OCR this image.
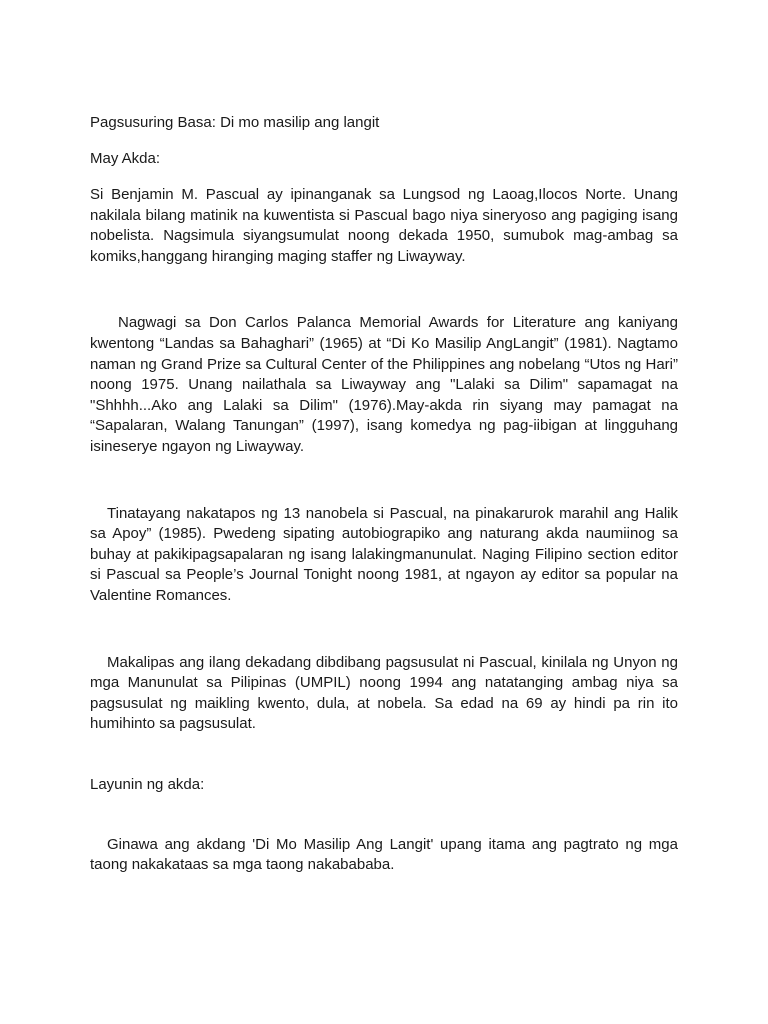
Pagsusuring Basa: Di mo masilip ang langit

May Akda:

Si Benjamin M. Pascual ay ipinanganak sa Lungsod ng Laoag,Ilocos Norte. Unang nakilala bilang matinik na kuwentista si Pascual bago niya sineryoso ang pagiging isang nobelista. Nagsimula siyangsumulat noong dekada 1950, sumubok mag-ambag sa komiks,hanggang hiranging maging staffer ng Liwayway.

Nagwagi sa Don Carlos Palanca Memorial Awards for Literature ang kaniyang kwentong “Landas sa Bahaghari” (1965) at “Di Ko Masilip AngLangit” (1981). Nagtamo naman ng Grand Prize sa Cultural Center of the Philippines ang nobelang “Utos ng Hari” noong 1975. Unang nailathala sa Liwayway ang "Lalaki sa Dilim" sapamagat na "Shhhh...Ako ang Lalaki sa Dilim" (1976).May-akda rin siyang may pamagat na “Sapalaran, Walang Tanungan” (1997), isang komedya ng pag-iibigan at lingguhang isineserye ngayon ng Liwayway.

Tinatayang nakatapos ng 13 nanobela si Pascual, na pinakarurok marahil ang Halik sa Apoy” (1985). Pwedeng sipating autobiograpiko ang naturang akda naumiinog sa buhay at pakikipagsapalaran ng isang lalakingmanunulat. Naging Filipino section editor si Pascual sa People’s Journal Tonight noong 1981, at ngayon ay editor sa popular na Valentine Romances.

Makalipas ang ilang dekadang dibdibang pagsusulat ni Pascual, kinilala ng Unyon ng mga Manunulat sa Pilipinas (UMPIL) noong 1994 ang natatanging ambag niya sa pagsusulat ng maikling kwento, dula, at nobela. Sa edad na 69 ay hindi pa rin ito humihinto sa pagsusulat.

Layunin ng akda:

Ginawa ang akdang 'Di Mo Masilip Ang Langit' upang itama ang pagtrato ng mga taong nakakataas sa mga taong nakabababa.
